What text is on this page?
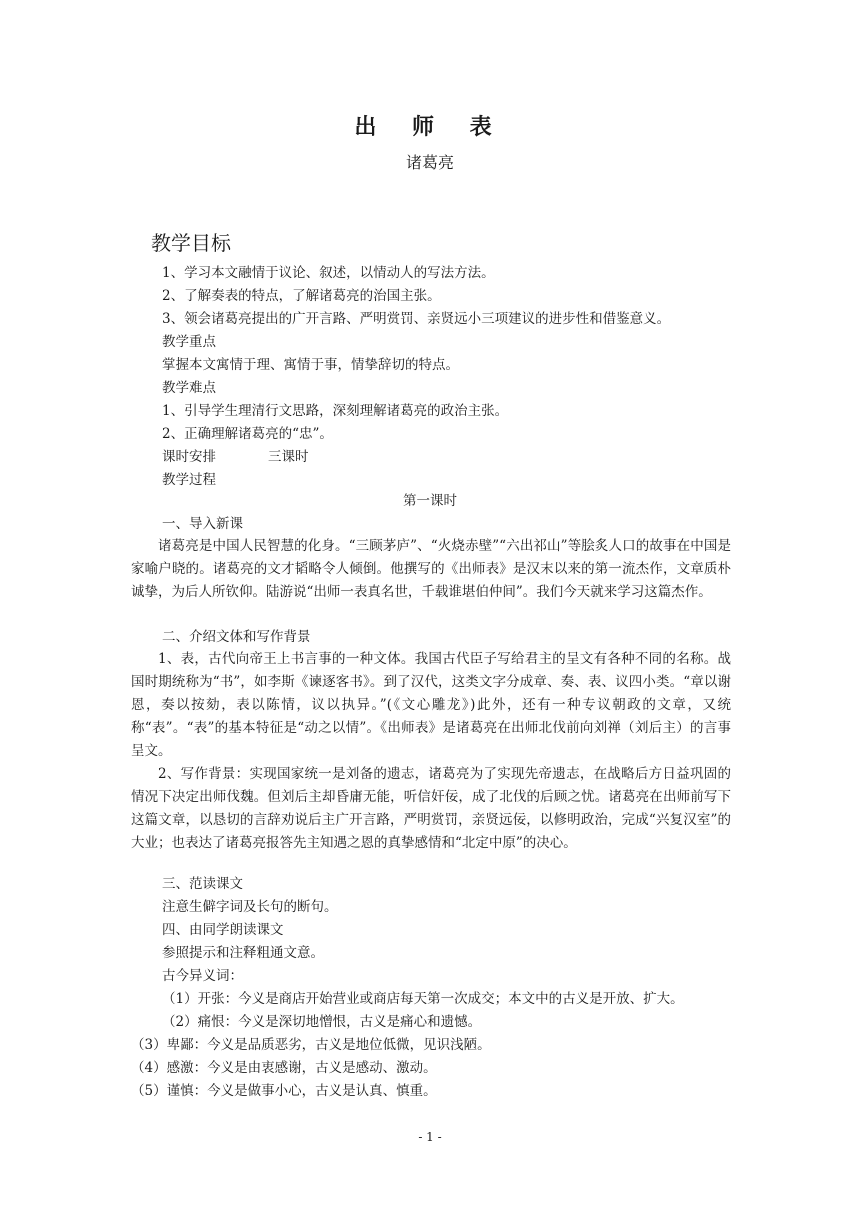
出 师 表
诸葛亮
教学目标
1、学习本文融情于议论、叙述，以情动人的写法方法。
2、了解奏表的特点，了解诸葛亮的治国主张。
3、领会诸葛亮提出的广开言路、严明赏罚、亲贤远小三项建议的进步性和借鉴意义。
教学重点
掌握本文寓情于理、寓情于事，情挚辞切的特点。
教学难点
1、引导学生理清行文思路，深刻理解诸葛亮的政治主张。
2、正确理解诸葛亮的“忠”。
课时安排	三课时
教学过程
第一课时
一、导入新课

诸葛亮是中国人民智慧的化身。“三顾茅庐”、“火烧赤壁”“六出祁山”等脍炙人口的故事在中国是家喻户晓的。诸葛亮的文才韬略令人倾倒。他撰写的《出师表》是汉末以来的第一流杰作，文章质朴诚挚，为后人所钦仰。陆游说“出师一表真名世，千载谁堪伯仲间”。我们今天就来学习这篇杰作。

二、介绍文体和写作背景

1、表，古代向帝王上书言事的一种文体。我国古代臣子写给君主的呈文有各种不同的名称。战国时期统称为“书”，如李斯《谏逐客书》。到了汉代，这类文字分成章、奏、表、议四小类。“章以谢恩，奏以按劾，表以陈情，议以执异。”(《文心雕龙》)此外，还有一种专议朝政的文章，又统称“表”。“表”的基本特征是“动之以情”。《出师表》是诸葛亮在出师北伐前向刘禅（刘后主）的言事呈文。

2、写作背景：实现国家统一是刘备的遗志，诸葛亮为了实现先帝遗志，在战略后方日益巩固的情况下决定出师伐魏。但刘后主却昏庸无能，听信奸佞，成了北伐的后顾之忧。诸葛亮在出师前写下这篇文章，以恳切的言辞劝说后主广开言路，严明赏罚，亲贤远佞，以修明政治，完成“兴复汉室”的大业；也表达了诸葛亮报答先主知遇之恩的真挚感情和“北定中原”的决心。

三、范读课文
注意生僻字词及长句的断句。
四、由同学朗读课文
参照提示和注释粗通文意。
古今异义词：
（1）开张：今义是商店开始营业或商店每天第一次成交；本文中的古义是开放、扩大。
（2）痛恨：今义是深切地憎恨，古义是痛心和遗憾。
（3）卑鄙：今义是品质恶劣，古义是地位低微，见识浅陋。
（4）感激：今义是由衷感谢，古义是感动、激动。
（5）谨慎：今义是做事小心，古义是认真、慎重。
- 1 -
